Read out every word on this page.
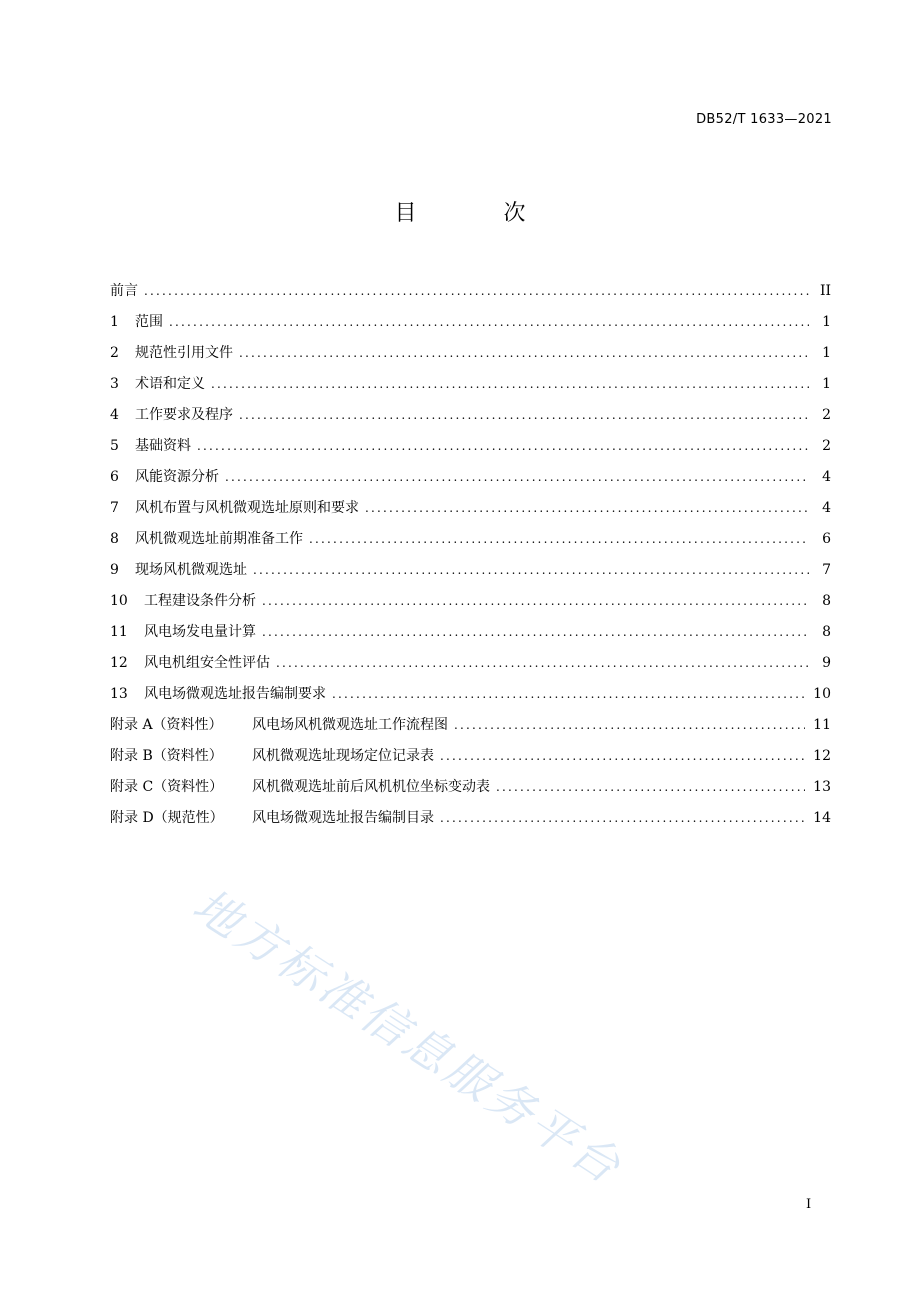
DB52/T 1633—2021
目 次
前言 .....	II
1	范围 .....	1
2	规范性引用文件 .....	1
3	术语和定义 .....	1
4	工作要求及程序 .....	2
5	基础资料 .....	2
6	风能资源分析 .....	4
7	风机布置与风机微观选址原则和要求 .....	4
8	风机微观选址前期准备工作 .....	6
9	现场风机微观选址 .....	7
10	工程建设条件分析 .....	8
11	风电场发电量计算 .....	8
12	风电机组安全性评估 .....	9
13	风电场微观选址报告编制要求 .....	10
附录 A（资料性）	风电场风机微观选址工作流程图 .....	11
附录 B（资料性）	风机微观选址现场定位记录表 .....	12
附录 C（资料性）	风机微观选址前后风机机位坐标变动表 .....	13
附录 D（规范性）	风电场微观选址报告编制目录 .....	14
地方标准信息服务平台
I
